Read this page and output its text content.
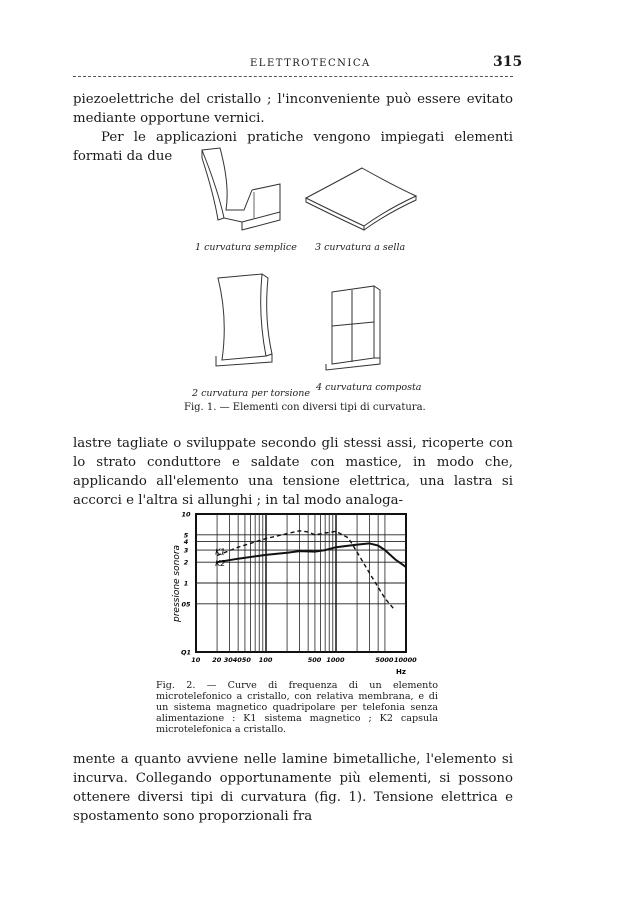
ELETTROTECNICA	315

piezoelettriche del cristallo ; l'inconveniente può essere evitato mediante opportune vernici.

Per le applicazioni pratiche vengono impiegati elementi formati da due

1 curvatura semplice 3 curvatura a sella
2 curvatura per torsione
4 curvatura composta
Fig. 1. — Elementi con diversi tipi di curvatura.

lastre tagliate o sviluppate secondo gli stessi assi, ricoperte con lo strato conduttore e saldate con mastice, in modo che, applicando all'elemento una tensione elettrica, una lastra si accorci e l'altra si allunghi ; in tal modo analoga-

10 20 304050 100	500 1000	5000 10000
10
5
4
3
2
1
05
Q1
K1
K2
pressione sonora
Hz
Fig. 2. — Curve di frequenza di un elemento microtelefonico a cristallo, con relativa membrana, e di un sistema magnetico quadripolare per telefonia senza alimentazione : K1 sistema magnetico ; K2 capsula microtelefonica a cristallo.

mente a quanto avviene nelle lamine bimetalliche, l'elemento si incurva. Collegando opportunamente più elementi, si possono ottenere diversi tipi di curvatura (fig. 1). Tensione elettrica e spostamento sono proporzionali fra
